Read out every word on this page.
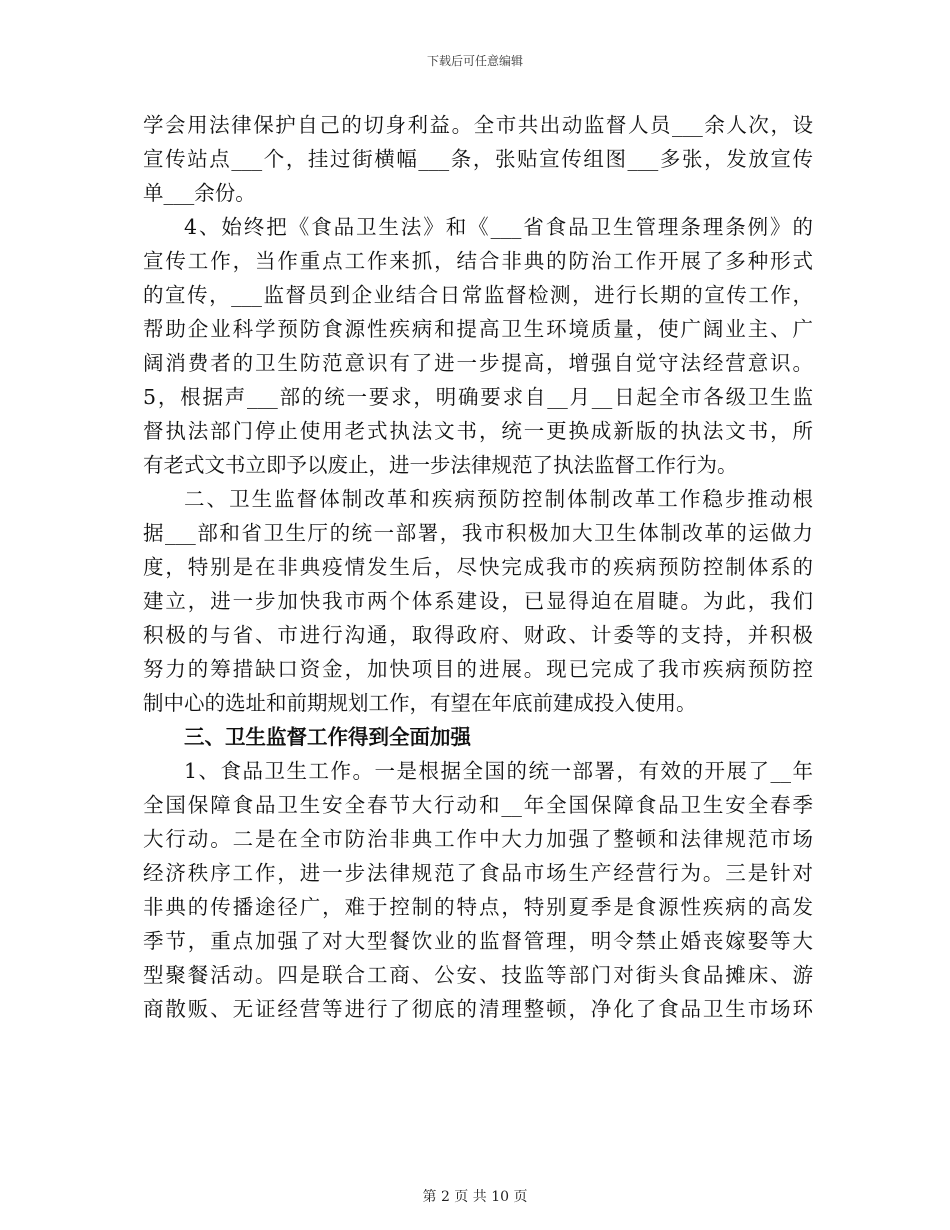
下载后可任意编辑
学会用法律保护自己的切身利益。全市共出动监督人员___余人次，设
宣传站点___个，挂过街横幅___条，张贴宣传组图___多张，发放宣传
单___余份。
4、始终把《食品卫生法》和《___省食品卫生管理条理条例》的
宣传工作，当作重点工作来抓，结合非典的防治工作开展了多种形式
的宣传，___监督员到企业结合日常监督检测，进行长期的宣传工作，
帮助企业科学预防食源性疾病和提高卫生环境质量，使广阔业主、广
阔消费者的卫生防范意识有了进一步提高，增强自觉守法经营意识。
5，根据声___部的统一要求，明确要求自__月__日起全市各级卫生监
督执法部门停止使用老式执法文书，统一更换成新版的执法文书，所
有老式文书立即予以废止，进一步法律规范了执法监督工作行为。
二、卫生监督体制改革和疾病预防控制体制改革工作稳步推动根
据___部和省卫生厅的统一部署，我市积极加大卫生体制改革的运做力
度，特别是在非典疫情发生后，尽快完成我市的疾病预防控制体系的
建立，进一步加快我市两个体系建设，已显得迫在眉睫。为此，我们
积极的与省、市进行沟通，取得政府、财政、计委等的支持，并积极
努力的筹措缺口资金，加快项目的进展。现已完成了我市疾病预防控
制中心的选址和前期规划工作，有望在年底前建成投入使用。
三、卫生监督工作得到全面加强
1、食品卫生工作。一是根据全国的统一部署，有效的开展了__年
全国保障食品卫生安全春节大行动和__年全国保障食品卫生安全春季
大行动。二是在全市防治非典工作中大力加强了整顿和法律规范市场
经济秩序工作，进一步法律规范了食品市场生产经营行为。三是针对
非典的传播途径广，难于控制的特点，特别夏季是食源性疾病的高发
季节，重点加强了对大型餐饮业的监督管理，明令禁止婚丧嫁娶等大
型聚餐活动。四是联合工商、公安、技监等部门对街头食品摊床、游
商散贩、无证经营等进行了彻底的清理整顿，净化了食品卫生市场环
第 2 页 共 10 页
